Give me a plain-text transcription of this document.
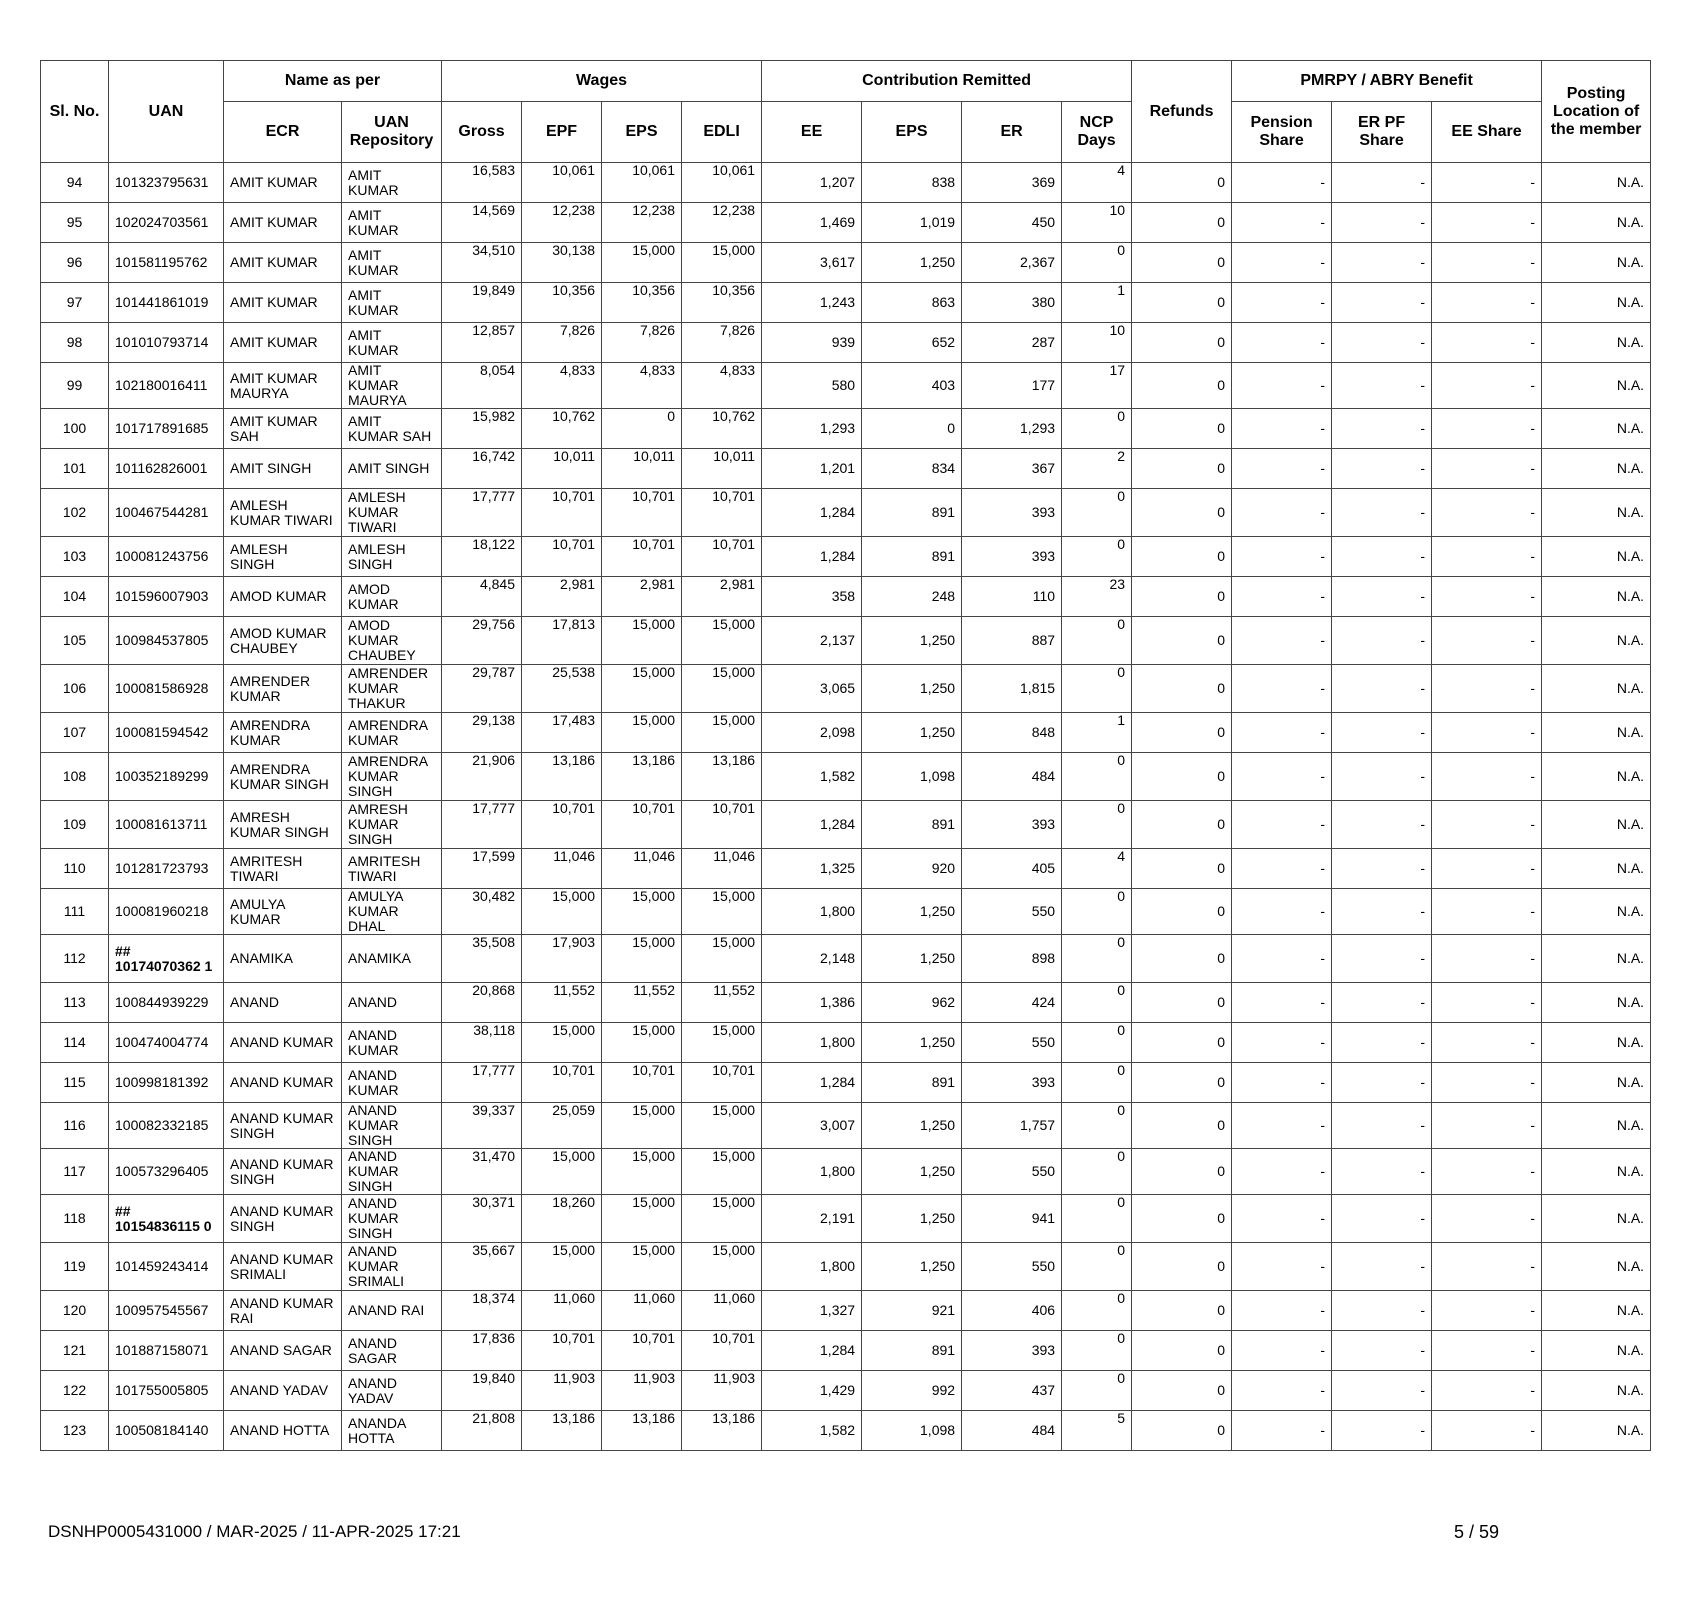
Sl. No.	UAN	Name as per		Wages				Contribution Remitted				Refunds	PMRPY / ABRY Benefit			Posting Location of the member
		ECR	UAN Repository	Gross	EPF	EPS	EDLI	EE	EPS	ER	NCP Days		Pension Share	ER PF Share	EE Share	
94	101323795631	AMIT KUMAR	AMIT KUMAR	16,583	10,061	10,061	10,061	1,207	838	369	4	0	-	-	-	N.A.
95	102024703561	AMIT KUMAR	AMIT KUMAR	14,569	12,238	12,238	12,238	1,469	1,019	450	10	0	-	-	-	N.A.
96	101581195762	AMIT KUMAR	AMIT KUMAR	34,510	30,138	15,000	15,000	3,617	1,250	2,367	0	0	-	-	-	N.A.
97	101441861019	AMIT KUMAR	AMIT KUMAR	19,849	10,356	10,356	10,356	1,243	863	380	1	0	-	-	-	N.A.
98	101010793714	AMIT KUMAR	AMIT KUMAR	12,857	7,826	7,826	7,826	939	652	287	10	0	-	-	-	N.A.
99	102180016411	AMIT KUMAR MAURYA	AMIT KUMAR MAURYA	8,054	4,833	4,833	4,833	580	403	177	17	0	-	-	-	N.A.
100	101717891685	AMIT KUMAR SAH	AMIT KUMAR SAH	15,982	10,762	0	10,762	1,293	0	1,293	0	0	-	-	-	N.A.
101	101162826001	AMIT SINGH	AMIT SINGH	16,742	10,011	10,011	10,011	1,201	834	367	2	0	-	-	-	N.A.
102	100467544281	AMLESH KUMAR TIWARI	AMLESH KUMAR TIWARI	17,777	10,701	10,701	10,701	1,284	891	393	0	0	-	-	-	N.A.
103	100081243756	AMLESH SINGH	AMLESH SINGH	18,122	10,701	10,701	10,701	1,284	891	393	0	0	-	-	-	N.A.
104	101596007903	AMOD KUMAR	AMOD KUMAR	4,845	2,981	2,981	2,981	358	248	110	23	0	-	-	-	N.A.
105	100984537805	AMOD KUMAR CHAUBEY	AMOD KUMAR CHAUBEY	29,756	17,813	15,000	15,000	2,137	1,250	887	0	0	-	-	-	N.A.
106	100081586928	AMRENDER KUMAR	AMRENDER KUMAR THAKUR	29,787	25,538	15,000	15,000	3,065	1,250	1,815	0	0	-	-	-	N.A.
107	100081594542	AMRENDRA KUMAR	AMRENDRA KUMAR	29,138	17,483	15,000	15,000	2,098	1,250	848	1	0	-	-	-	N.A.
108	100352189299	AMRENDRA KUMAR SINGH	AMRENDRA KUMAR SINGH	21,906	13,186	13,186	13,186	1,582	1,098	484	0	0	-	-	-	N.A.
109	100081613711	AMRESH KUMAR SINGH	AMRESH KUMAR SINGH	17,777	10,701	10,701	10,701	1,284	891	393	0	0	-	-	-	N.A.
110	101281723793	AMRITESH TIWARI	AMRITESH TIWARI	17,599	11,046	11,046	11,046	1,325	920	405	4	0	-	-	-	N.A.
111	100081960218	AMULYA KUMAR	AMULYA KUMAR DHAL	30,482	15,000	15,000	15,000	1,800	1,250	550	0	0	-	-	-	N.A.
112	## 10174070362 1	ANAMIKA	ANAMIKA	35,508	17,903	15,000	15,000	2,148	1,250	898	0	0	-	-	-	N.A.
113	100844939229	ANAND	ANAND	20,868	11,552	11,552	11,552	1,386	962	424	0	0	-	-	-	N.A.
114	100474004774	ANAND KUMAR	ANAND KUMAR	38,118	15,000	15,000	15,000	1,800	1,250	550	0	0	-	-	-	N.A.
115	100998181392	ANAND KUMAR	ANAND KUMAR	17,777	10,701	10,701	10,701	1,284	891	393	0	0	-	-	-	N.A.
116	100082332185	ANAND KUMAR SINGH	ANAND KUMAR SINGH	39,337	25,059	15,000	15,000	3,007	1,250	1,757	0	0	-	-	-	N.A.
117	100573296405	ANAND KUMAR SINGH	ANAND KUMAR SINGH	31,470	15,000	15,000	15,000	1,800	1,250	550	0	0	-	-	-	N.A.
118	## 10154836115 0	ANAND KUMAR SINGH	ANAND KUMAR SINGH	30,371	18,260	15,000	15,000	2,191	1,250	941	0	0	-	-	-	N.A.
119	101459243414	ANAND KUMAR SRIMALI	ANAND KUMAR SRIMALI	35,667	15,000	15,000	15,000	1,800	1,250	550	0	0	-	-	-	N.A.
120	100957545567	ANAND KUMAR RAI	ANAND RAI	18,374	11,060	11,060	11,060	1,327	921	406	0	0	-	-	-	N.A.
121	101887158071	ANAND SAGAR	ANAND SAGAR	17,836	10,701	10,701	10,701	1,284	891	393	0	0	-	-	-	N.A.
122	101755005805	ANAND YADAV	ANAND YADAV	19,840	11,903	11,903	11,903	1,429	992	437	0	0	-	-	-	N.A.
123	100508184140	ANAND HOTTA	ANANDA HOTTA	21,808	13,186	13,186	13,186	1,582	1,098	484	5	0	-	-	-	N.A.
DSNHP0005431000 / MAR-2025 / 11-APR-2025 17:21	5 / 59
